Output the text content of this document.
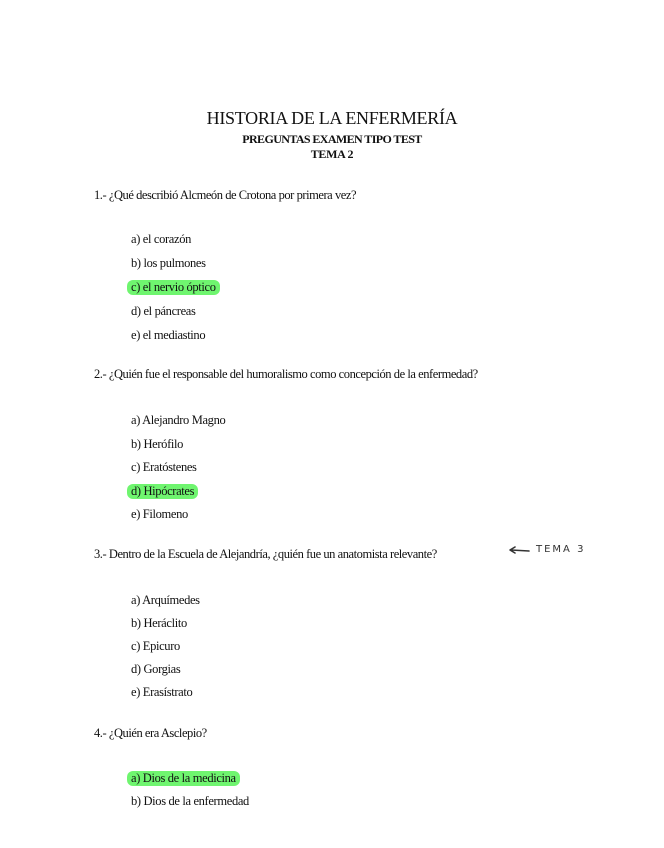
HISTORIA DE LA ENFERMERÍA
PREGUNTAS EXAMEN TIPO TEST
TEMA 2
1.- ¿Qué describió Alcmeón de Crotona por primera vez?
a) el corazón
b) los pulmones
c) el nervio óptico
d) el páncreas
e) el mediastino
2.- ¿Quién fue el responsable del humoralismo como concepción de la enfermedad?
a) Alejandro Magno
b) Herófilo
c) Eratóstenes
d) Hipócrates
e) Filomeno
3.- Dentro de la Escuela de Alejandría, ¿quién fue un anatomista relevante?	TEMA 3
a) Arquímedes
b) Heráclito
c) Epicuro
d) Gorgias
e) Erasístrato
4.- ¿Quién era Asclepio?
a) Dios de la medicina
b) Dios de la enfermedad
